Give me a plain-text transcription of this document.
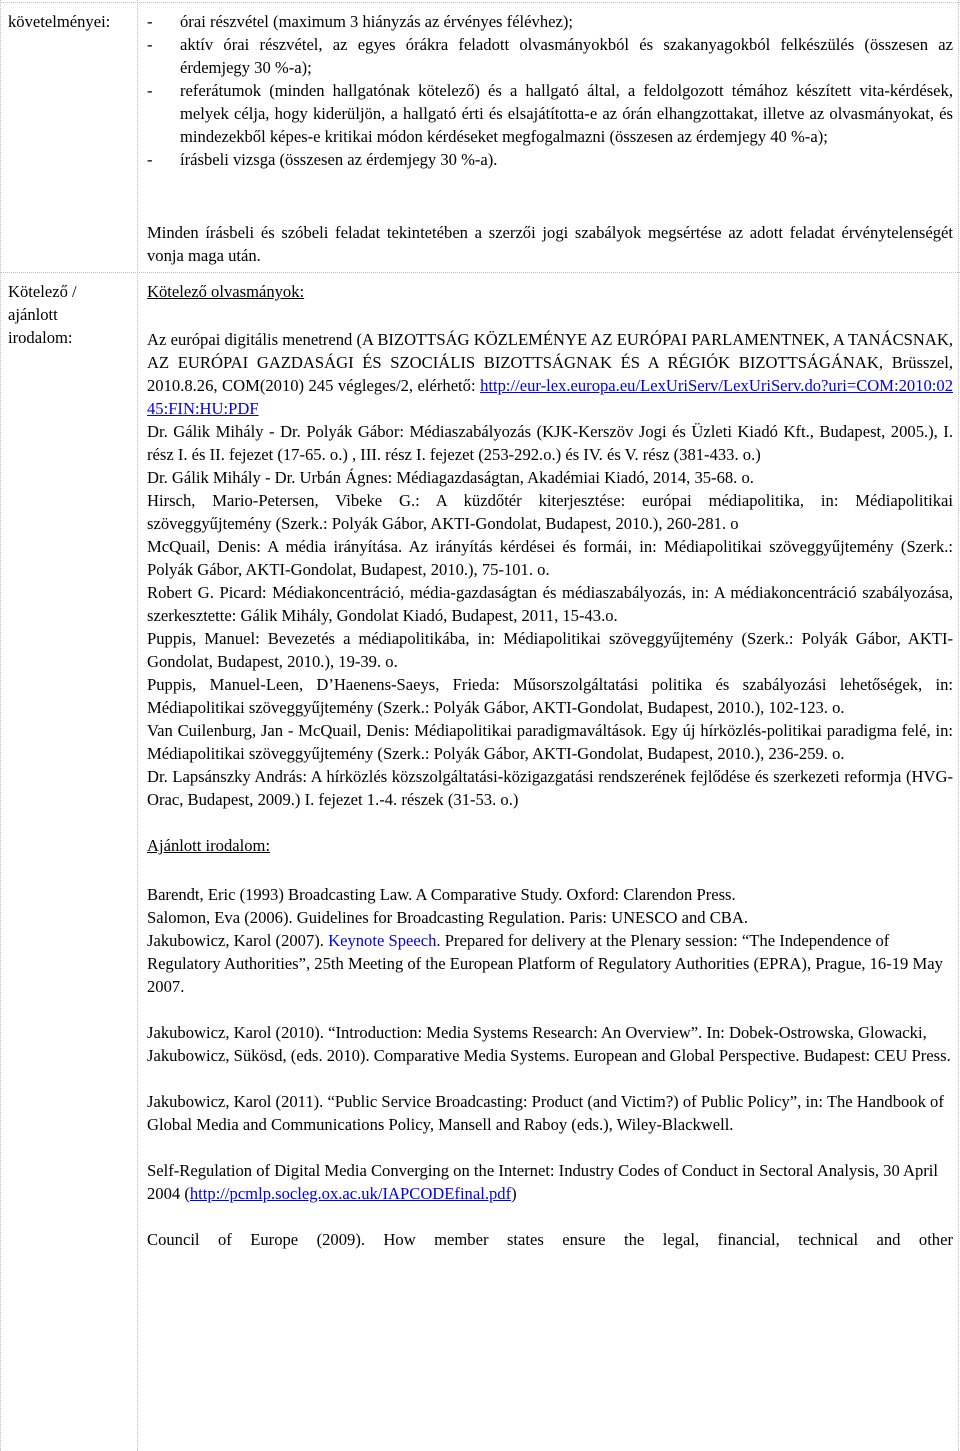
követelményei:	- órai részvétel (maximum 3 hiányzás az érvényes félévhez);
- aktív órai részvétel, az egyes órákra feladott olvasmányokból és szakanyagokból felkészülés (összesen az érdemjegy 30 %-a);
- referátumok (minden hallgatónak kötelező) és a hallgató által, a feldolgozott témához készített vita-kérdések, melyek célja, hogy kiderüljön, a hallgató érti és elsajátította-e az órán elhangzottakat, illetve az olvasmányokat, és mindezekből képes-e kritikai módon kérdéseket megfogalmazni (összesen az érdemjegy 40 %-a);
- írásbeli vizsga (összesen az érdemjegy 30 %-a).

Minden írásbeli és szóbeli feladat tekintetében a szerzői jogi szabályok megsértése az adott feladat érvénytelenségét vonja maga után.

Kötelező /
ajánlott
irodalom:

Kötelező olvasmányok:

Az európai digitális menetrend (A BIZOTTSÁG KÖZLEMÉNYE AZ EURÓPAI PARLAMENTNEK, A TANÁCSNAK, AZ EURÓPAI GAZDASÁGI ÉS SZOCIÁLIS BIZOTTSÁGNAK ÉS A RÉGIÓK BIZOTTSÁGÁNAK, Brüsszel, 2010.8.26, COM(2010) 245 végleges/2, elérhető: http://eur-lex.europa.eu/LexUriServ/LexUriServ.do?uri=COM:2010:0245:FIN:HU:PDF

Dr. Gálik Mihály - Dr. Polyák Gábor: Médiaszabályozás (KJK-Kerszöv Jogi és Üzleti Kiadó Kft., Budapest, 2005.), I. rész I. és II. fejezet (17-65. o.) , III. rész I. fejezet (253-292.o.) és IV. és V. rész (381-433. o.)

Dr. Gálik Mihály - Dr. Urbán Ágnes: Médiagazdaságtan, Akadémiai Kiadó, 2014, 35-68. o.

Hirsch, Mario-Petersen, Vibeke G.: A küzdőtér kiterjesztése: európai médiapolitika, in: Médiapolitikai szöveggyűjtemény (Szerk.: Polyák Gábor, AKTI-Gondolat, Budapest, 2010.), 260-281. o

McQuail, Denis: A média irányítása. Az irányítás kérdései és formái, in: Médiapolitikai szöveggyűjtemény (Szerk.: Polyák Gábor, AKTI-Gondolat, Budapest, 2010.), 75-101. o.

Robert G. Picard: Médiakoncentráció, média-gazdaságtan és médiaszabályozás, in: A médiakoncentráció szabályozása, szerkesztette: Gálik Mihály, Gondolat Kiadó, Budapest, 2011, 15-43.o.

Puppis, Manuel: Bevezetés a médiapolitikába, in: Médiapolitikai szöveggyűjtemény (Szerk.: Polyák Gábor, AKTI-Gondolat, Budapest, 2010.), 19-39. o.

Puppis, Manuel-Leen, D’Haenens-Saeys, Frieda: Műsorszolgáltatási politika és szabályozási lehetőségek, in: Médiapolitikai szöveggyűjtemény (Szerk.: Polyák Gábor, AKTI-Gondolat, Budapest, 2010.), 102-123. o.

Van Cuilenburg, Jan - McQuail, Denis: Médiapolitikai paradigmaváltások. Egy új hírközlés-politikai paradigma felé, in: Médiapolitikai szöveggyűjtemény (Szerk.: Polyák Gábor, AKTI-Gondolat, Budapest, 2010.), 236-259. o.

Dr. Lapsánszky András: A hírközlés közszolgáltatási-közigazgatási rendszerének fejlődése és szerkezeti reformja (HVG-Orac, Budapest, 2009.) I. fejezet 1.-4. részek (31-53. o.)

Ajánlott irodalom:

Barendt, Eric (1993) Broadcasting Law. A Comparative Study. Oxford: Clarendon Press.

Salomon, Eva (2006). Guidelines for Broadcasting Regulation. Paris: UNESCO and CBA.

Jakubowicz, Karol (2007). Keynote Speech. Prepared for delivery at the Plenary session: “The Independence of Regulatory Authorities”, 25th Meeting of the European Platform of Regulatory Authorities (EPRA), Prague, 16-19 May 2007.

Jakubowicz, Karol (2010). “Introduction: Media Systems Research: An Overview”. In: Dobek-Ostrowska, Glowacki, Jakubowicz, Sükösd, (eds. 2010). Comparative Media Systems. European and Global Perspective. Budapest: CEU Press.

Jakubowicz, Karol (2011). “Public Service Broadcasting: Product (and Victim?) of Public Policy”, in: The Handbook of Global Media and Communications Policy, Mansell and Raboy (eds.), Wiley-Blackwell.

Self-Regulation of Digital Media Converging on the Internet: Industry Codes of Conduct in Sectoral Analysis, 30 April 2004 (http://pcmlp.socleg.ox.ac.uk/IAPCODEfinal.pdf)

Council of Europe (2009). How member states ensure the legal, financial, technical and other
